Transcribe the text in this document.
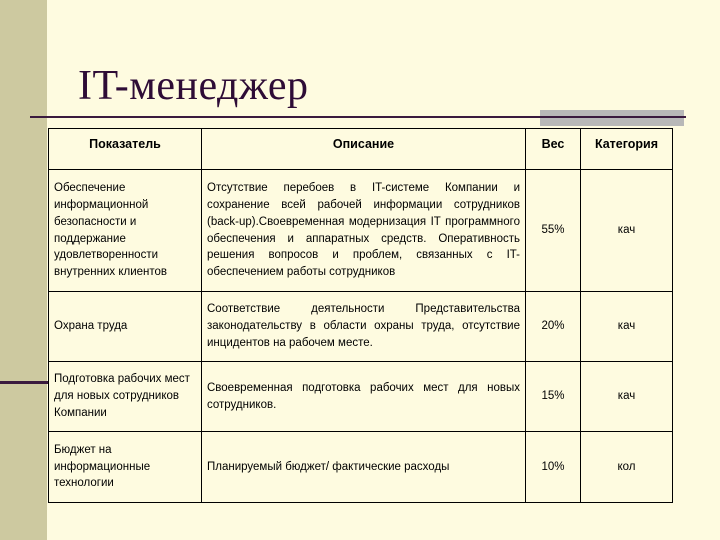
IT-менеджер
Показатель	Описание	Вес	Категория
Обеспечение информационной безопасности и поддержание удовлетворенности внутренних клиентов	Отсутствие перебоев в IT-системе Компании и сохранение всей рабочей информации сотрудников (back-up).Своевременная модернизация IT программного обеспечения и аппаратных средств. Оперативность решения вопросов и проблем, связанных с IT-обеспечением работы сотрудников	55%	кач
Охрана труда	Соответствие деятельности Представительства законодательству в области охраны труда, отсутствие инцидентов на рабочем месте.	20%	кач
Подготовка рабочих мест для новых сотрудников Компании	Своевременная подготовка рабочих мест для новых сотрудников.	15%	кач
Бюджет на информационные технологии	Планируемый бюджет/ фактические расходы	10%	кол
